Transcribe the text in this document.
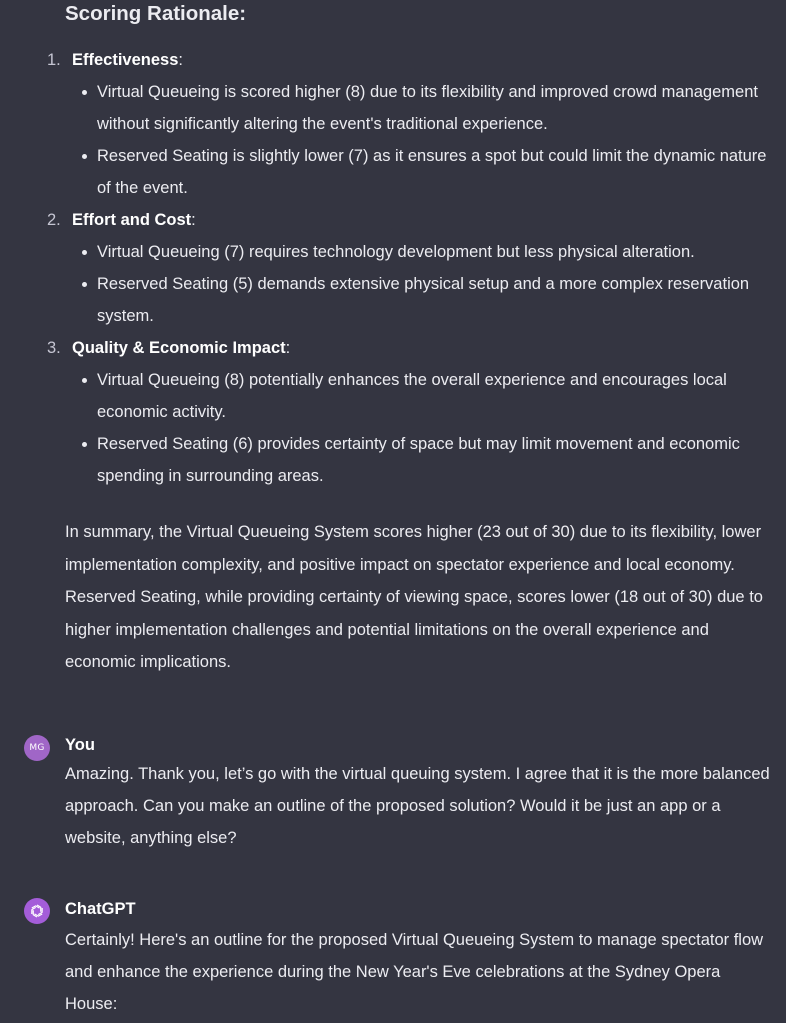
Scoring Rationale:
1. Effectiveness:
Virtual Queueing is scored higher (8) due to its flexibility and improved crowd management without significantly altering the event's traditional experience.
Reserved Seating is slightly lower (7) as it ensures a spot but could limit the dynamic nature of the event.
2. Effort and Cost:
Virtual Queueing (7) requires technology development but less physical alteration.
Reserved Seating (5) demands extensive physical setup and a more complex reservation system.
3. Quality & Economic Impact:
Virtual Queueing (8) potentially enhances the overall experience and encourages local economic activity.
Reserved Seating (6) provides certainty of space but may limit movement and economic spending in surrounding areas.

In summary, the Virtual Queueing System scores higher (23 out of 30) due to its flexibility, lower implementation complexity, and positive impact on spectator experience and local economy. Reserved Seating, while providing certainty of viewing space, scores lower (18 out of 30) due to higher implementation challenges and potential limitations on the overall experience and economic implications.

MG	You

Amazing. Thank you, let’s go with the virtual queuing system. I agree that it is the more balanced approach. Can you make an outline of the proposed solution? Would it be just an app or a website, anything else?

ChatGPT

Certainly! Here's an outline for the proposed Virtual Queueing System to manage spectator flow and enhance the experience during the New Year's Eve celebrations at the Sydney Opera House:
